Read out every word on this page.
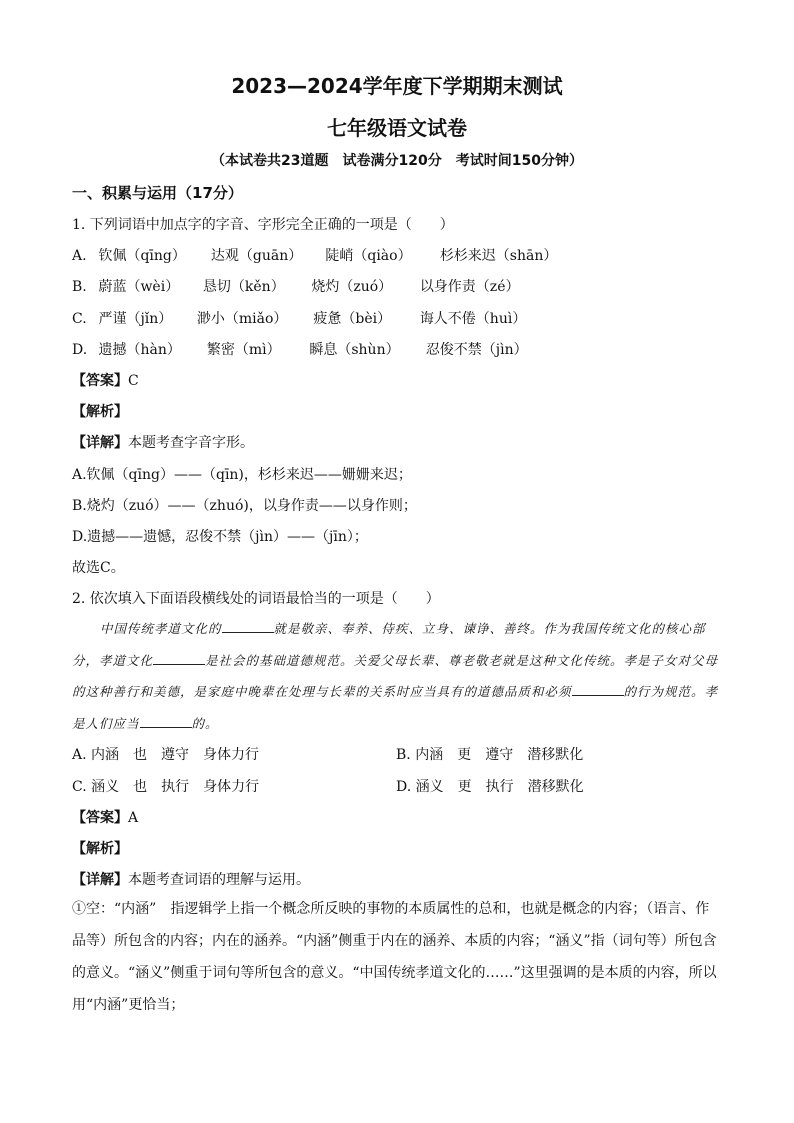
2023—2024学年度下学期期末测试
七年级语文试卷
（本试卷共23道题　试卷满分120分　考试时间150分钟）
一、积累与运用（17分）
1. 下列词语中加点字的字音、字形完全正确的一项是（　　）
A. 钦佩（qīng） 达观（guān） 陡峭（qiào） 杉杉来迟（shān）
B. 蔚蓝（wèi） 恳切（kěn） 烧灼（zuó） 以身作责（zé）
C. 严谨（jǐn） 渺小（miǎo） 疲惫（bèi） 诲人不倦（huì）
D. 遗撼（hàn） 繁密（mì） 瞬息（shùn） 忍俊不禁（jìn）
【答案】C
【解析】
【详解】本题考查字音字形。
A.钦佩（qīng）——（qīn)，杉杉来迟——姗姗来迟；
B.烧灼（zuó）——（zhuó)，以身作责——以身作则；
D.遗撼——遗憾，忍俊不禁（jìn）——（jīn）；
故选C。
2. 依次填入下面语段横线处的词语最恰当的一项是（　　）
中国传统孝道文化的	就是敬亲、奉养、侍疾、立身、谏诤、善终。作为我国传统文化的核心部分，孝道文化	是社会的基础道德规范。关爱父母长辈、尊老敬老就是这种文化传统。孝是子女对父母的这种善行和美德，是家庭中晚辈在处理与长辈的关系时应当具有的道德品质和必须	的行为规范。孝是人们应当	的。
A. 内涵　也　遵守　身体力行	B. 内涵　更　遵守　潜移默化
C. 涵义　也　执行　身体力行	D. 涵义　更　执行　潜移默化
【答案】A
【解析】
【详解】本题考查词语的理解与运用。
①空：“内涵”　指逻辑学上指一个概念所反映的事物的本质属性的总和，也就是概念的内容；（语言、作品等）所包含的内容；内在的涵养。“内涵”侧重于内在的涵养、本质的内容；“涵义”指（词句等）所包含的意义。“涵义”侧重于词句等所包含的意义。“中国传统孝道文化的……”这里强调的是本质的内容，所以用“内涵”更恰当；
